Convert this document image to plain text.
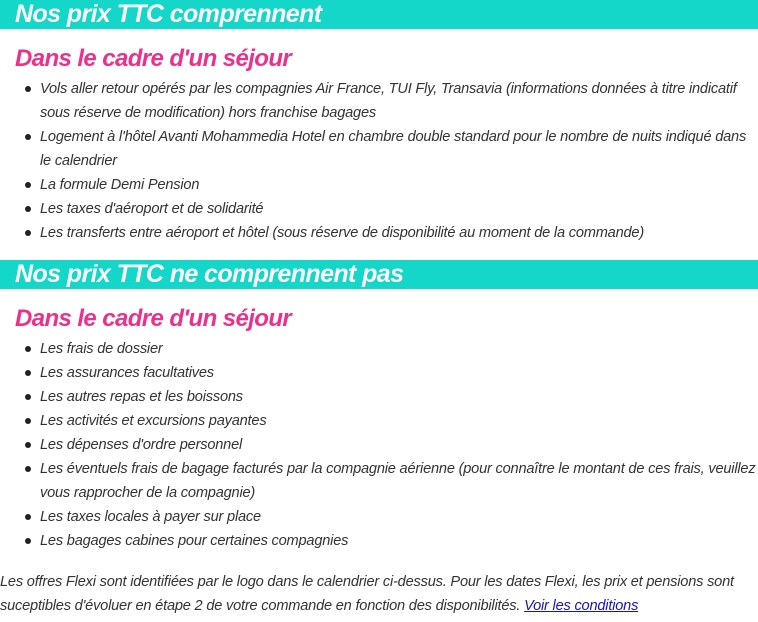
Nos prix TTC comprennent
Dans le cadre d'un séjour
Vols aller retour opérés par les compagnies Air France, TUI Fly, Transavia (informations données à titre indicatif sous réserve de modification) hors franchise bagages
Logement à l'hôtel Avanti Mohammedia Hotel en chambre double standard pour le nombre de nuits indiqué dans le calendrier
La formule Demi Pension
Les taxes d'aéroport et de solidarité
Les transferts entre aéroport et hôtel (sous réserve de disponibilité au moment de la commande)
Nos prix TTC ne comprennent pas
Dans le cadre d'un séjour
Les frais de dossier
Les assurances facultatives
Les autres repas et les boissons
Les activités et excursions payantes
Les dépenses d'ordre personnel
Les éventuels frais de bagage facturés par la compagnie aérienne (pour connaître le montant de ces frais, veuillez vous rapprocher de la compagnie)
Les taxes locales à payer sur place
Les bagages cabines pour certaines compagnies
Les offres Flexi sont identifiées par le logo dans le calendrier ci-dessus. Pour les dates Flexi, les prix et pensions sont suceptibles d'évoluer en étape 2 de votre commande en fonction des disponibilités. Voir les conditions
